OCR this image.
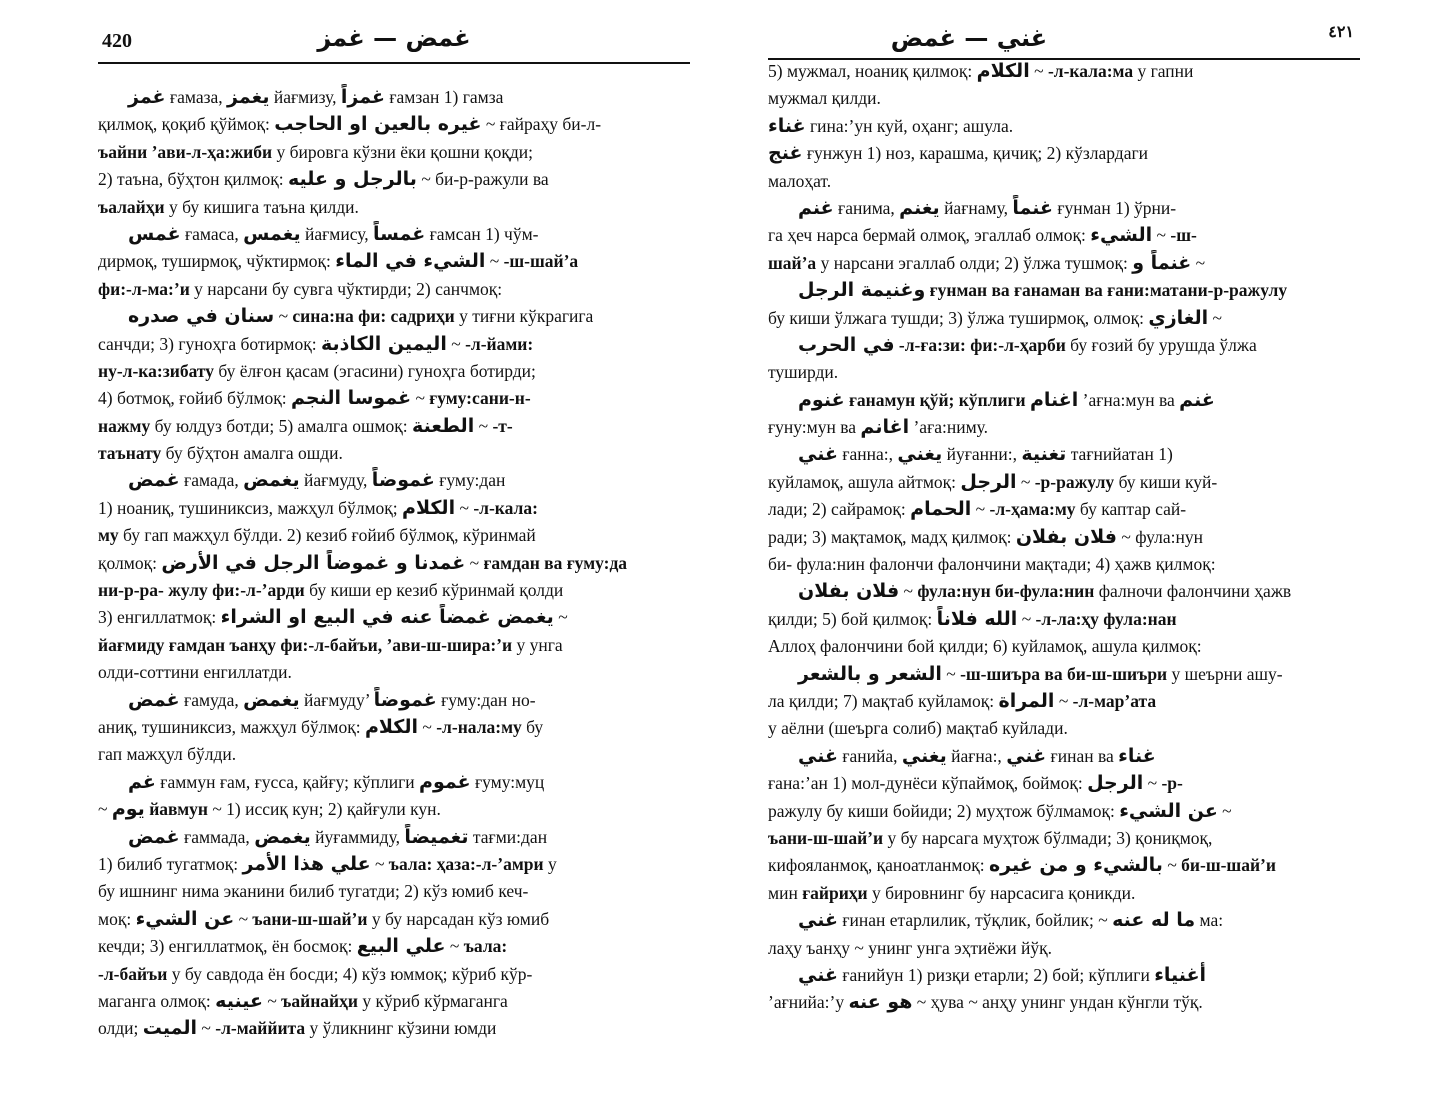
420	غمض — غمز
غمز ғамаза, يغمز йағмизу, غمزاً ғамзан 1) гамза
қилмоқ, қоқиб қўймоқ: غيره بالعين او الحاجب ~ ғайраҳу би-л-
ъайни ’ави-л-ҳа:жиби у бировга кўзни ёки қошни қоқди;
2) таъна, бўҳтон қилмоқ: بالرجل و عليه ~ би-р-ражули ва
ъалайҳи у бу кишига таъна қилди.
غمس ғамаса, يغمس йағмису, غمساً ғамсан 1) чўм-
дирмоқ, туширмоқ, чўктирмоқ: الشيء في الماء ~ -ш-шай’а
фи:-л-ма:’и у нарсани бу сувга чўктирди; 2) санчмоқ:
سنان في صدره ~ сина:на фи: садриҳи у тиғни кўкрагига
санчди; 3) гуноҳга ботирмоқ: اليمين الكاذبة ~ -л-йами:
ну-л-ка:зибату бу ёлғон қасам (эгасини) гуноҳга ботирди;
4) ботмоқ, ғойиб бўлмоқ: غموسا النجم ~ ғуму:сани-н-
нажму бу юлдуз ботди; 5) амалга ошмоқ: الطعنة ~ -т-
таънату бу бўҳтон амалга ошди.
غمض ғамада, يغمض йағмуду, غموضاً ғуму:дан
1) ноаниқ, тушиниксиз, мажҳул бўлмоқ; الكلام ~ -л-кала:
му бу гап мажҳул бўлди. 2) кезиб ғойиб бўлмоқ, кўринмай
қолмоқ: غمدنا و غموضاً الرجل في الأرض ~ ғамдан ва ғуму:да
ни-р-ра- жулу фи:-л-’арди бу киши ер кезиб кўринмай қолди
3) енгиллатмоқ: يغمض غمضاً عنه في البيع او الشراء ~
йағмиду ғамдан ъанҳу фи:-л-байъи, ’ави-ш-шира:’и у унга
олди-соттини енгиллатди.
غمض ғамуда, يغمض йағмуду’ غموضاً ғуму:дан но-
аниқ, тушиниксиз, мажҳул бўлмоқ: الكلام ~ -л-нала:му бу
гап мажҳул бўлди.
غم ғаммун ғам, ғусса, қайғу; кўплиги غموم ғуму:муц
~ يوم йавмун ~ 1) иссиқ кун; 2) қайғули кун.
غمض ғаммада, يغمض йуғаммиду, تغميضاً тағми:дан
1) билиб тугатмоқ: علي هذا الأمر ~ ъала: ҳаза:-л-’амри у
бу ишнинг нима эканини билиб тугатди; 2) кўз юмиб кеч-
моқ: عن الشيء ~ ъани-ш-шай’и у бу нарсадан кўз юмиб
кечди; 3) енгиллатмоқ, ён босмоқ: علي البيع ~ ъала:
-л-байъи у бу савдода ён босди; 4) кўз юммоқ; кўриб кўр-
маганга олмоқ: عينيه ~ ъайнайҳи у кўриб кўрмаганга
олди; الميت ~ -л-маййита у ўликнинг кўзини юмди
غني — غمض	٤٢١
5) мужмал, ноаниқ қилмоқ: الكلام ~ -л-кала:ма у гапни
мужмал қилди.
غناء гина:’ун куй, оҳанг; ашула.
غنج ғунжун 1) ноз, карашма, қичиқ; 2) кўзлардаги
малоҳат.
غنم ғанима, يغنم йағнаму, غنماً ғунман 1) ўрни-
га ҳеч нарса бермай олмоқ, эгаллаб олмоқ: الشيء ~ -ш-
шай’а у нарсани эгаллаб олди; 2) ўлжа тушмоқ: غنماً و ~
وغنيمة الرجل ғунман ва ғанаман ва ғани:матани-р-ражулу
бу киши ўлжага тушди; 3) ўлжа туширмоқ, олмоқ: الغازي ~
في الحرب -л-ға:зи: фи:-л-ҳарби бу ғозий бу урушда ўлжа
туширди.
غنوم ғанамун қўй; кўплиги اغنام ’ағна:мун ва غنم
ғуну:мун ва اغانم ’аға:ниму.
غني ғанна:, يغني йуғанни:, تغنية тағнийатан 1)
куйламоқ, ашула айтмоқ: الرجل ~ -р-ражулу бу киши куй-
лади; 2) сайрамоқ: الحمام ~ -л-ҳама:му бу каптар сай-
ради; 3) мақтамоқ, мадҳ қилмоқ: فلان بفلان ~ фула:нун
би- фула:нин фалончи фалончини мақтади; 4) ҳажв қилмоқ:
فلان بفلان ~ фула:нун би-фула:нин фалночи фалончини ҳажв
қилди; 5) бой қилмоқ: الله فلاناً ~ -л-ла:ҳу фула:нан
Аллоҳ фалончини бой қилди; 6) куйламоқ, ашула қилмоқ:
الشعر و بالشعر ~ -ш-шиъра ва би-ш-шиъри у шеърни ашу-
ла қилди; 7) мақтаб куйламоқ: المراة ~ -л-мар’ата
у аёлни (шеърга солиб) мақтаб куйлади.
غني ғанийа, يغني йағна:, غني ғинан ва غناء
ғана:’ан 1) мол-дунёси кўпаймоқ, боймоқ: الرجل ~ -р-
ражулу бу киши бойиди; 2) муҳтож бўлмамоқ: عن الشيء ~
ъани-ш-шай’и у бу нарсага муҳтож бўлмади; 3) қониқмоқ,
кифояланмоқ, қаноатланмоқ: بالشيء و من غيره ~ би-ш-шай’и
мин ғайриҳи у бировнинг бу нарсасига қоникди.
غني ғинан етарлилик, тўқлик, бойлик; ~ ما له عنه ма:
лаҳу ъанҳу ~ унинг унга эҳтиёжи йўқ.
غني ғанийун 1) ризқи етарли; 2) бой; кўплиги أغنياء
’ағнийа:’у هو عنه ~ ҳува ~ анҳу унинг ундан кўнгли тўқ.
